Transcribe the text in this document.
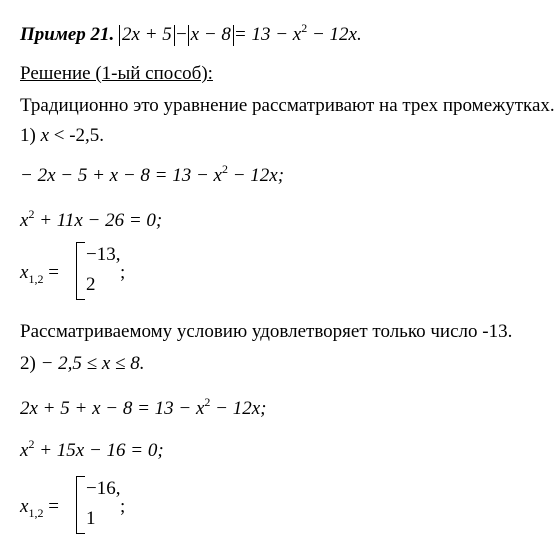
Пример 21. $2x + 5 - x - 8 = 13 - x^2 - 12x$.
Решение (1-ый способ):
Традиционно это уравнение рассматривают на трех промежутках.
1) x < -2,5.
− $2x - 5 + x - 8 = 13 - x^2 - 12x$;
$x^2 + 11x - 26 = 0$;
$x_{1,2}$ =
−13,
2
;
Рассматриваемому условию удовлетворяет только число -13.
2) − 2,5 ≤ x ≤ 8.
$2x + 5 + x - 8 = 13 - x^2 - 12x$;
$x^2 + 15x - 16 = 0$;
$x_{1,2}$ =
−16,
1
;
